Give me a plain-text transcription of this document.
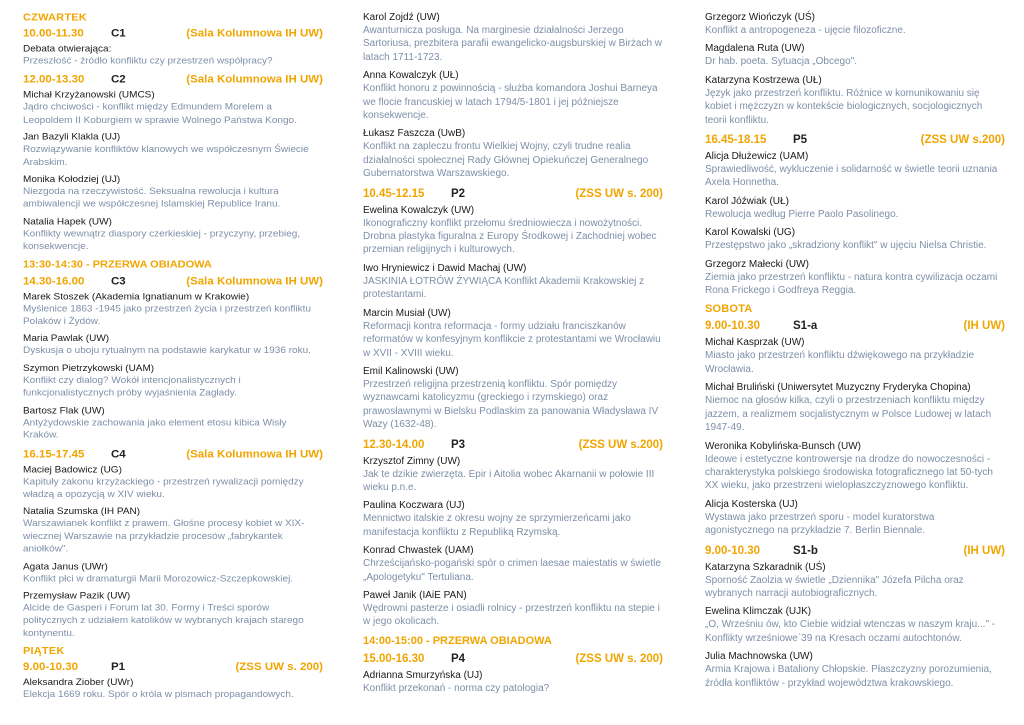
CZWARTEK
10.00-11.30	C1	(Sala Kolumnowa IH UW)
Debata otwierająca:
Przeszłość - źródło konfliktu czy przestrzeń współpracy?
12.00-13.30	C2	(Sala Kolumnowa IH UW)
Michał Krzyżanowski (UMCS)
Jądro chciwości - konflikt między Edmundem Morelem a Leopoldem II Koburgiem w sprawie Wolnego Państwa Kongo.
Jan Bazyli Klakla (UJ)
Rozwiązywanie konfliktów klanowych we współczesnym Świecie Arabskim.
Monika Kołodziej (UJ)
Niezgoda na rzeczywistość. Seksualna rewolucja i kultura ambiwalencji we współczesnej Islamskiej Republice Iranu.
Natalia Hapek (UW)
Konflikty wewnątrz diaspory czerkieskiej - przyczyny, przebieg, konsekwencje.
13:30-14:30 - PRZERWA OBIADOWA
14.30-16.00	C3	(Sala Kolumnowa IH UW)
Marek Stoszek (Akademia Ignatianum w Krakowie)
Myślenice 1863 -1945 jako przestrzeń życia i przestrzeń konfliktu Polaków i Żydów.
Maria Pawlak (UW)
Dyskusja o uboju rytualnym na podstawie karykatur w 1936 roku.
Szymon Pietrzykowski (UAM)
Konflikt czy dialog? Wokół intencjonalistycznych i funkcjonalistycznych próby wyjaśnienia Zagłady.
Bartosz Flak (UW)
Antyżydowskie zachowania jako element etosu kibica Wisły Kraków.
16.15-17.45	C4	(Sala Kolumnowa IH UW)
Maciej Badowicz (UG)
Kapituły zakonu krzyżackiego - przestrzeń rywalizacji pomiędzy władzą a opozycją w XIV wieku.
Natalia Szumska (IH PAN)
Warszawianek konflikt z prawem. Głośne procesy kobiet w XIX-wiecznej Warszawie na przykładzie procesów „fabrykantek aniołków".
Agata Janus (UWr)
Konflikt płci w dramaturgii Marii Morozowicz-Szczepkowskiej.
Przemysław Pazik (UW)
Alcide de Gasperi i Forum lat 30. Formy i Treści sporów politycznych z udziałem katolików w wybranych krajach starego kontynentu.
PIĄTEK
9.00-10.30	P1	(ZSS UW s. 200)
Aleksandra Ziober (UWr)
Elekcja 1669 roku. Spór o króla w pismach propagandowych.
Karol Zojdź (UW)
Awanturnicza posługa. Na marginesie działalności Jerzego Sartoriusa, prezbitera parafii ewangelicko-augsburskiej w Birżach w latach 1711-1723.
Anna Kowalczyk (UŁ)
Konflikt honoru z powinnością - służba komandora Joshui Barneya we flocie francuskiej w latach 1794/5-1801 i jej późniejsze konsekwencje.
Łukasz Faszcza (UwB)
Konflikt na zapleczu frontu Wielkiej Wojny, czyli trudne realia działalności społecznej Rady Głównej Opiekuńczej Generalnego Gubernatorstwa Warszawskiego.
10.45-12.15	P2	(ZSS UW s. 200)
Ewelina Kowalczyk (UW)
Ikonograficzny konflikt przełomu średniowiecza i nowożytności. Drobna plastyka figuralna z Europy Środkowej i Zachodniej wobec przemian religijnych i kulturowych.
Iwo Hryniewicz i Dawid Machaj (UW)
JASKINIA ŁOTRÓW ŻYWIĄCA Konflikt Akademii Krakowskiej z protestantami.
Marcin Musiał (UW)
Reformacji kontra reformacja - formy udziału franciszkanów reformatów w konfesyjnym konflikcie z protestantami we Wrocławiu w XVII - XVIII wieku.
Emil Kalinowski (UW)
Przestrzeń religijna przestrzenią konfliktu. Spór pomiędzy wyznawcami katolicyzmu (greckiego i rzymskiego) oraz prawosławnymi w Bielsku Podlaskim za panowania Władysława IV Wazy (1632-48).
12.30-14.00	P3	(ZSS UW s.200)
Krzysztof Zimny (UW)
Jak te dzikie zwierzęta. Epir i Aitolia wobec Akarnanii w połowie III wieku p.n.e.
Paulina Koczwara (UJ)
Mennictwo italskie z okresu wojny ze sprzymierzeńcami jako manifestacja konfliktu z Republiką Rzymską.
Konrad Chwastek (UAM)
Chrześcijańsko-pogański spór o crimen laesae maiestatis w świetle „Apologetyku" Tertuliana.
Paweł Janik (IAiE PAN)
Wędrowni pasterze i osiadli rolnicy - przestrzeń konfliktu na stepie i w jego okolicach.
14:00-15:00 - PRZERWA OBIADOWA
15.00-16.30	P4	(ZSS UW s. 200)
Adrianna Smurzyńska (UJ)
Konflikt przekonań - norma czy patologia?
Grzegorz Wiończyk (UŚ)
Konflikt a antropogeneza - ujęcie filozoficzne.
Magdalena Ruta (UW)
Dr hab. poeta. Sytuacja „Obcego".
Katarzyna Kostrzewa (UŁ)
Język jako przestrzeń konfliktu. Różnice w komunikowaniu się kobiet i mężczyzn w kontekście biologicznych, socjologicznych teorii konfliktu.
16.45-18.15	P5	(ZSS UW s.200)
Alicja Dłużewicz (UAM)
Sprawiedliwość, wykluczenie i solidarność w świetle teorii uznania Axela Honnetha.
Karol Jóźwiak (UŁ)
Rewolucja według Pierre Paolo Pasolinego.
Karol Kowalski (UG)
Przestępstwo jako „skradziony konflikt" w ujęciu Nielsa Christie.
Grzegorz Małecki (UW)
Ziemia jako przestrzeń konfliktu - natura kontra cywilizacja oczami Rona Frickego i Godfreya Reggia.
SOBOTA
9.00-10.30	S1-a	(IH UW)
Michał Kasprzak (UW)
Miasto jako przestrzeń konfliktu dźwiękowego na przykładzie Wrocławia.
Michał Bruliński (Uniwersytet Muzyczny Fryderyka Chopina)
Niemoc na głosów kilka, czyli o przestrzeniach konfliktu między jazzem, a realizmem socjalistycznym w Polsce Ludowej w latach 1947-49.
Weronika Kobylińska-Bunsch (UW)
Ideowe i estetyczne kontrowersje na drodze do nowoczesności - charakterystyka polskiego środowiska fotograficznego lat 50-tych XX wieku, jako przestrzeni wielopłaszczyznowego konfliktu.
Alicja Kosterska (UJ)
Wystawa jako przestrzeń sporu - model kuratorstwa agonistycznego na przykładzie 7. Berlin Biennale.
9.00-10.30	S1-b	(IH UW)
Katarzyna Szkaradnik (UŚ)
Sporność Zaolzia w świetle „Dziennika" Józefa Pilcha oraz wybranych narracji autobiograficznych.
Ewelina Klimczak (UJK)
„O, Wrześniu ów, kto Ciebie widział wtenczas w naszym kraju..." - Konflikty wrześniowe`39 na Kresach oczami autochtonów.
Julia Machnowska (UW)
Armia Krajowa i Bataliony Chłopskie. Płaszczyzny porozumienia, źródła konfliktów - przykład województwa krakowskiego.
